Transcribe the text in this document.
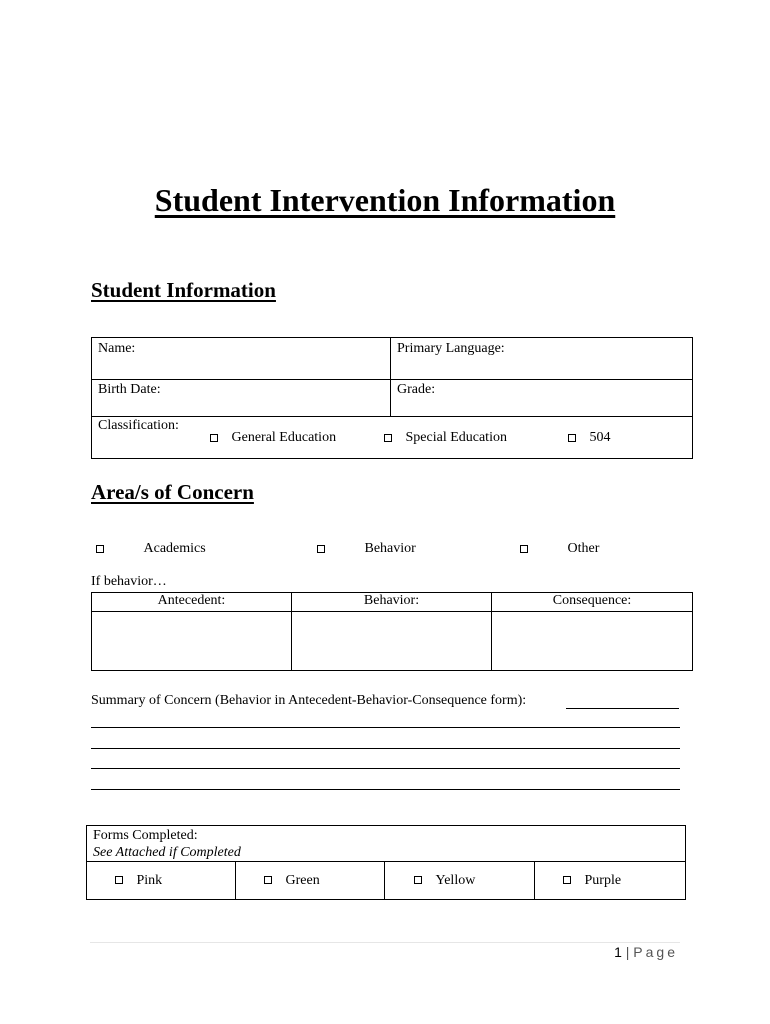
Student Intervention Information
Student Information
Name:	Primary Language:

Birth Date:	Grade:

Classification:
General Education Special Education 504	
Area/s of Concern
Academics	Behavior	Other
If behavior…
Antecedent:	Behavior:	Consequence:

Summary of Concern (Behavior in Antecedent-Behavior-Consequence form):
Forms Completed:
See Attached if Completed

Pink	Green	Yellow	Purple
1 | Page
